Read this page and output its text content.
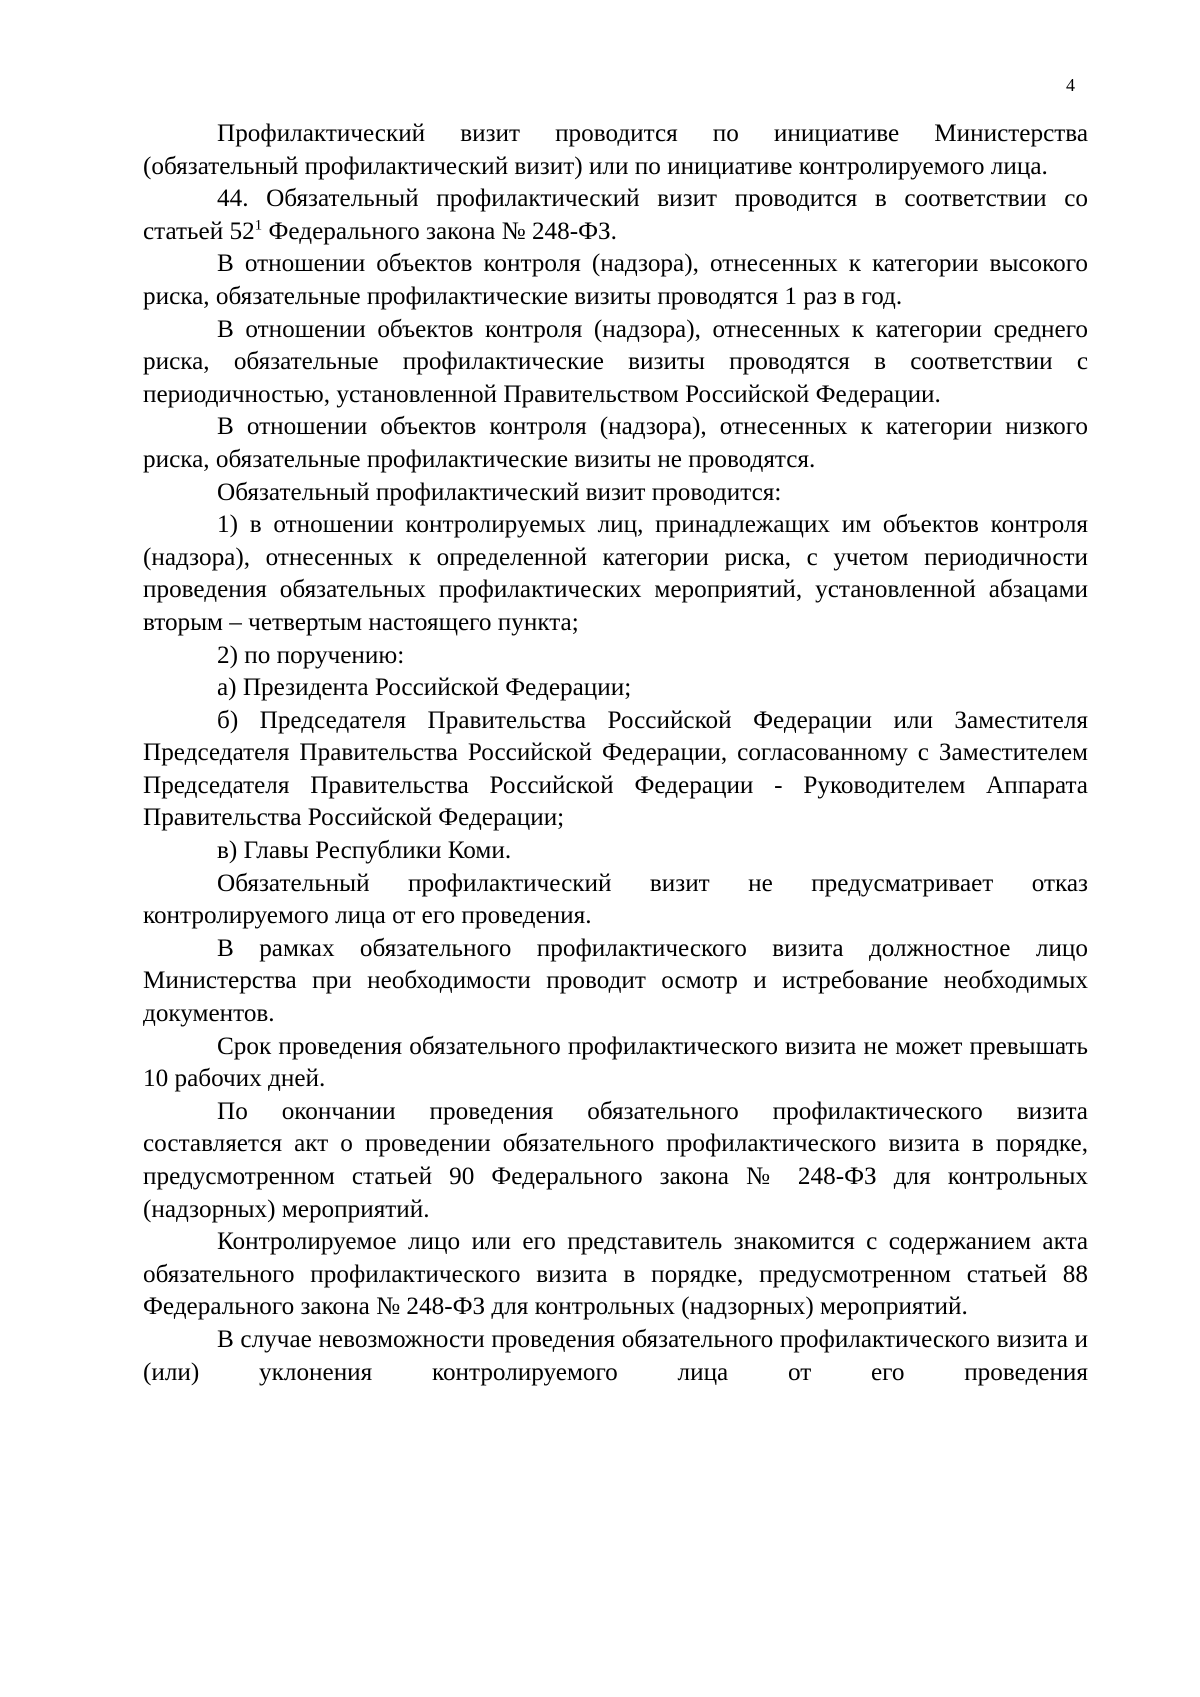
4

Профилактический визит проводится по инициативе Министерства (обязательный профилактический визит) или по инициативе контролируемого лица.

44. Обязательный профилактический визит проводится в соответствии со статьей $52^1$ Федерального закона № 248-ФЗ.

В отношении объектов контроля (надзора), отнесенных к категории высокого риска, обязательные профилактические визиты проводятся 1 раз в год.

В отношении объектов контроля (надзора), отнесенных к категории среднего риска, обязательные профилактические визиты проводятся в соответствии с периодичностью, установленной Правительством Российской Федерации.

В отношении объектов контроля (надзора), отнесенных к категории низкого риска, обязательные профилактические визиты не проводятся.

Обязательный профилактический визит проводится:

1) в отношении контролируемых лиц, принадлежащих им объектов контроля (надзора), отнесенных к определенной категории риска, с учетом периодичности проведения обязательных профилактических мероприятий, установленной абзацами вторым – четвертым настоящего пункта;

2) по поручению:

а) Президента Российской Федерации;

б) Председателя Правительства Российской Федерации или Заместителя Председателя Правительства Российской Федерации, согласованному с Заместителем Председателя Правительства Российской Федерации - Руководителем Аппарата Правительства Российской Федерации;

в) Главы Республики Коми.

Обязательный профилактический визит не предусматривает отказ контролируемого лица от его проведения.

В рамках обязательного профилактического визита должностное лицо Министерства при необходимости проводит осмотр и истребование необходимых документов.

Срок проведения обязательного профилактического визита не может превышать 10 рабочих дней.

По окончании проведения обязательного профилактического визита составляется акт о проведении обязательного профилактического визита в порядке, предусмотренном статьей 90 Федерального закона № 248-ФЗ для контрольных (надзорных) мероприятий.

Контролируемое лицо или его представитель знакомится с содержанием акта обязательного профилактического визита в порядке, предусмотренном статьей 88 Федерального закона № 248-ФЗ для контрольных (надзорных) мероприятий.

В случае невозможности проведения обязательного профилактического визита и (или) уклонения контролируемого лица от его проведения
